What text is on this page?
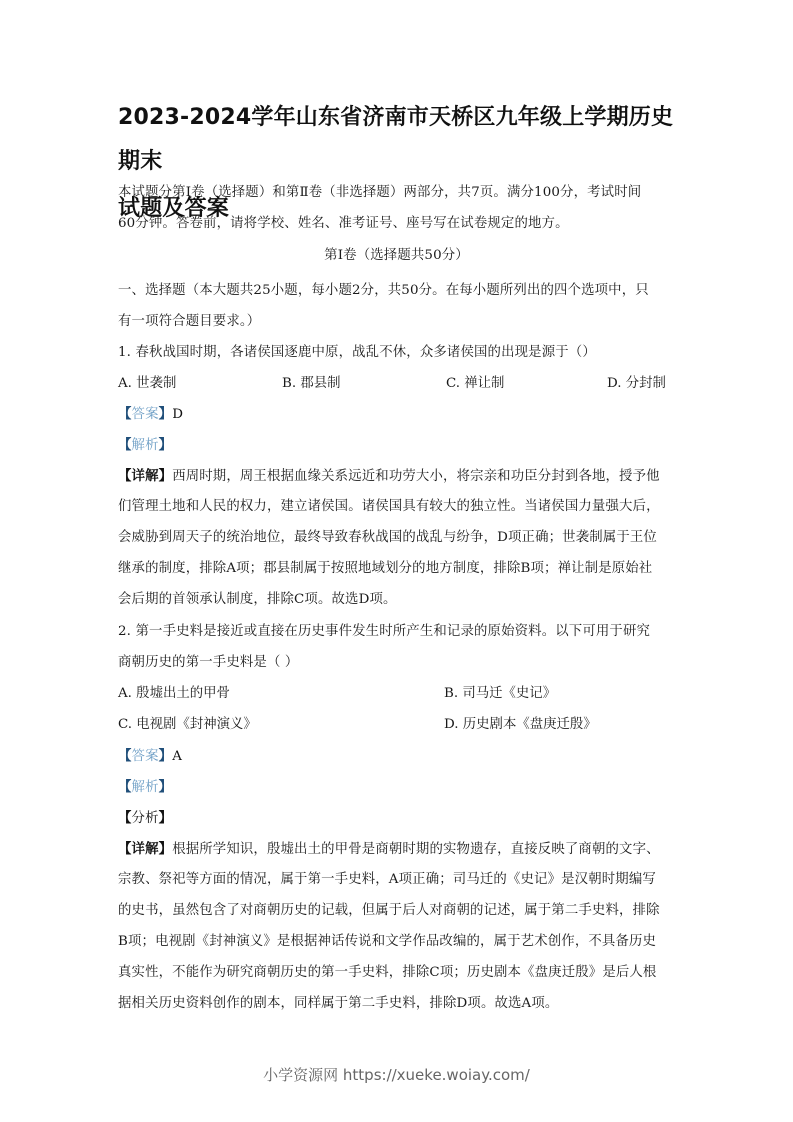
2023-2024学年山东省济南市天桥区九年级上学期历史期末
试题及答案
本试题分第Ⅰ卷（选择题）和第Ⅱ卷（非选择题）两部分，共7页。满分100分，考试时间
60分钟。答卷前，请将学校、姓名、准考证号、座号写在试卷规定的地方。
第Ⅰ卷（选择题共50分）
一、选择题（本大题共25小题，每小题2分，共50分。在每小题所列出的四个选项中，只
有一项符合题目要求。）
1. 春秋战国时期，各诸侯国逐鹿中原，战乱不休，众多诸侯国的出现是源于（）
A. 世袭制	B. 郡县制	C. 禅让制	D. 分封制
【答案】D
【解析】
【详解】西周时期，周王根据血缘关系远近和功劳大小，将宗亲和功臣分封到各地，授予他
们管理土地和人民的权力，建立诸侯国。诸侯国具有较大的独立性。当诸侯国力量强大后，
会威胁到周天子的统治地位，最终导致春秋战国的战乱与纷争，D项正确；世袭制属于王位
继承的制度，排除A项；郡县制属于按照地域划分的地方制度，排除B项；禅让制是原始社
会后期的首领承认制度，排除C项。故选D项。
2. 第一手史料是接近或直接在历史事件发生时所产生和记录的原始资料。以下可用于研究
商朝历史的第一手史料是（ ）
A. 殷墟出土的甲骨	B. 司马迁《史记》
C. 电视剧《封神演义》	D. 历史剧本《盘庚迁殷》
【答案】A
【解析】
【分析】
【详解】根据所学知识，殷墟出土的甲骨是商朝时期的实物遗存，直接反映了商朝的文字、
宗教、祭祀等方面的情况，属于第一手史料，A项正确；司马迁的《史记》是汉朝时期编写
的史书，虽然包含了对商朝历史的记载，但属于后人对商朝的记述，属于第二手史料，排除
B项；电视剧《封神演义》是根据神话传说和文学作品改编的，属于艺术创作，不具备历史
真实性，不能作为研究商朝历史的第一手史料，排除C项；历史剧本《盘庚迁殷》是后人根
据相关历史资料创作的剧本，同样属于第二手史料，排除D项。故选A项。
小学资源网 https://xueke.woiay.com/
